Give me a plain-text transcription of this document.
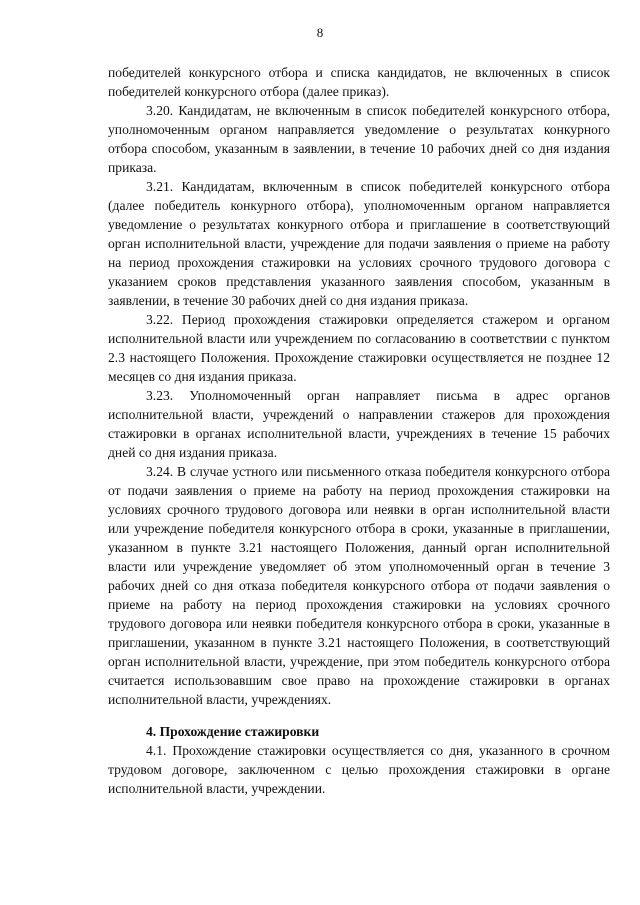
8

победителей конкурсного отбора и списка кандидатов, не включенных в список победителей конкурсного отбора (далее приказ).

3.20. Кандидатам, не включенным в список победителей конкурсного отбора, уполномоченным органом направляется уведомление о результатах конкурного отбора способом, указанным в заявлении, в течение 10 рабочих дней со дня издания приказа.

3.21. Кандидатам, включенным в список победителей конкурсного отбора (далее победитель конкурного отбора), уполномоченным органом направляется уведомление о результатах конкурного отбора и приглашение в соответствующий орган исполнительной власти, учреждение для подачи заявления о приеме на работу на период прохождения стажировки на условиях срочного трудового договора с указанием сроков представления указанного заявления способом, указанным в заявлении, в течение 30 рабочих дней со дня издания приказа.

3.22. Период прохождения стажировки определяется стажером и органом исполнительной власти или учреждением по согласованию в соответствии с пунктом 2.3 настоящего Положения. Прохождение стажировки осуществляется не позднее 12 месяцев со дня издания приказа.

3.23. Уполномоченный орган направляет письма в адрес органов исполнительной власти, учреждений о направлении стажеров для прохождения стажировки в органах исполнительной власти, учреждениях в течение 15 рабочих дней со дня издания приказа.

3.24. В случае устного или письменного отказа победителя конкурсного отбора от подачи заявления о приеме на работу на период прохождения стажировки на условиях срочного трудового договора или неявки в орган исполнительной власти или учреждение победителя конкурсного отбора в сроки, указанные в приглашении, указанном в пункте 3.21 настоящего Положения, данный орган исполнительной власти или учреждение уведомляет об этом уполномоченный орган в течение 3 рабочих дней со дня отказа победителя конкурсного отбора от подачи заявления о приеме на работу на период прохождения стажировки на условиях срочного трудового договора или неявки победителя конкурсного отбора в сроки, указанные в приглашении, указанном в пункте 3.21 настоящего Положения, в соответствующий орган исполнительной власти, учреждение, при этом победитель конкурсного отбора считается использовавшим свое право на прохождение стажировки в органах исполнительной власти, учреждениях.

4. Прохождение стажировки

4.1. Прохождение стажировки осуществляется со дня, указанного в срочном трудовом договоре, заключенном с целью прохождения стажировки в органе исполнительной власти, учреждении.
